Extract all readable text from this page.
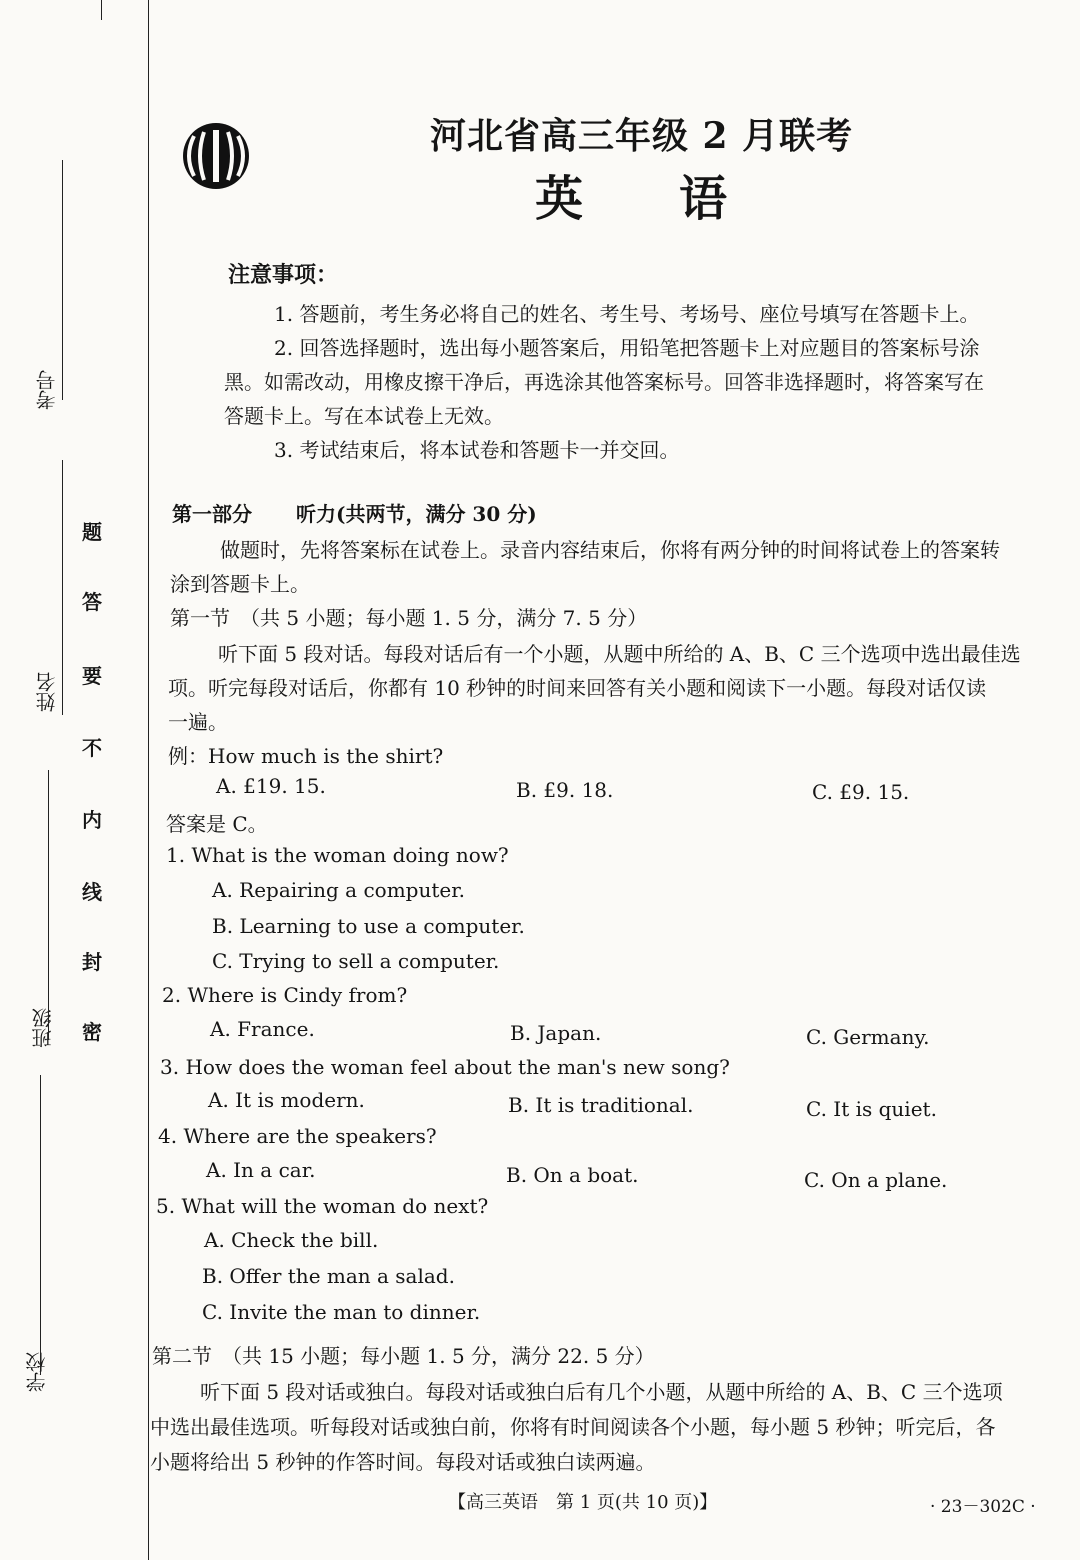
考号
姓名
班级
学校
密
封
线
内
不
要
答
题
河北省高三年级 2 月联考
英语
注意事项：
1. 答题前，考生务必将自己的姓名、考生号、考场号、座位号填写在答题卡上。
2. 回答选择题时，选出每小题答案后，用铅笔把答题卡上对应题目的答案标号涂
黑。如需改动，用橡皮擦干净后，再选涂其他答案标号。回答非选择题时，将答案写在
答题卡上。写在本试卷上无效。
3. 考试结束后，将本试卷和答题卡一并交回。
第一部分 听力(共两节，满分 30 分)
做题时，先将答案标在试卷上。录音内容结束后，你将有两分钟的时间将试卷上的答案转
涂到答题卡上。
第一节　（共 5 小题；每小题 1. 5 分，满分 7. 5 分）
听下面 5 段对话。每段对话后有一个小题，从题中所给的 A、B、C 三个选项中选出最佳选
项。听完每段对话后，你都有 10 秒钟的时间来回答有关小题和阅读下一小题。每段对话仅读
一遍。
例：How much is the shirt?
A. £19. 15.	B. £9. 18.	C. £9. 15.
答案是 C。
1. What is the woman doing now?
A. Repairing a computer.
B. Learning to use a computer.
C. Trying to sell a computer.
2. Where is Cindy from?
A. France.	B. Japan.	C. Germany.
3. How does the woman feel about the man's new song?
A. It is modern.	B. It is traditional.	C. It is quiet.
4. Where are the speakers?
A. In a car.	B. On a boat.	C. On a plane.
5. What will the woman do next?
A. Check the bill.
B. Offer the man a salad.
C. Invite the man to dinner.
第二节　（共 15 小题；每小题 1. 5 分，满分 22. 5 分）
听下面 5 段对话或独白。每段对话或独白后有几个小题，从题中所给的 A、B、C 三个选项
中选出最佳选项。听每段对话或独白前，你将有时间阅读各个小题，每小题 5 秒钟；听完后，各
小题将给出 5 秒钟的作答时间。每段对话或独白读两遍。
【高三英语　第 1 页(共 10 页)】	· 23－302C ·
